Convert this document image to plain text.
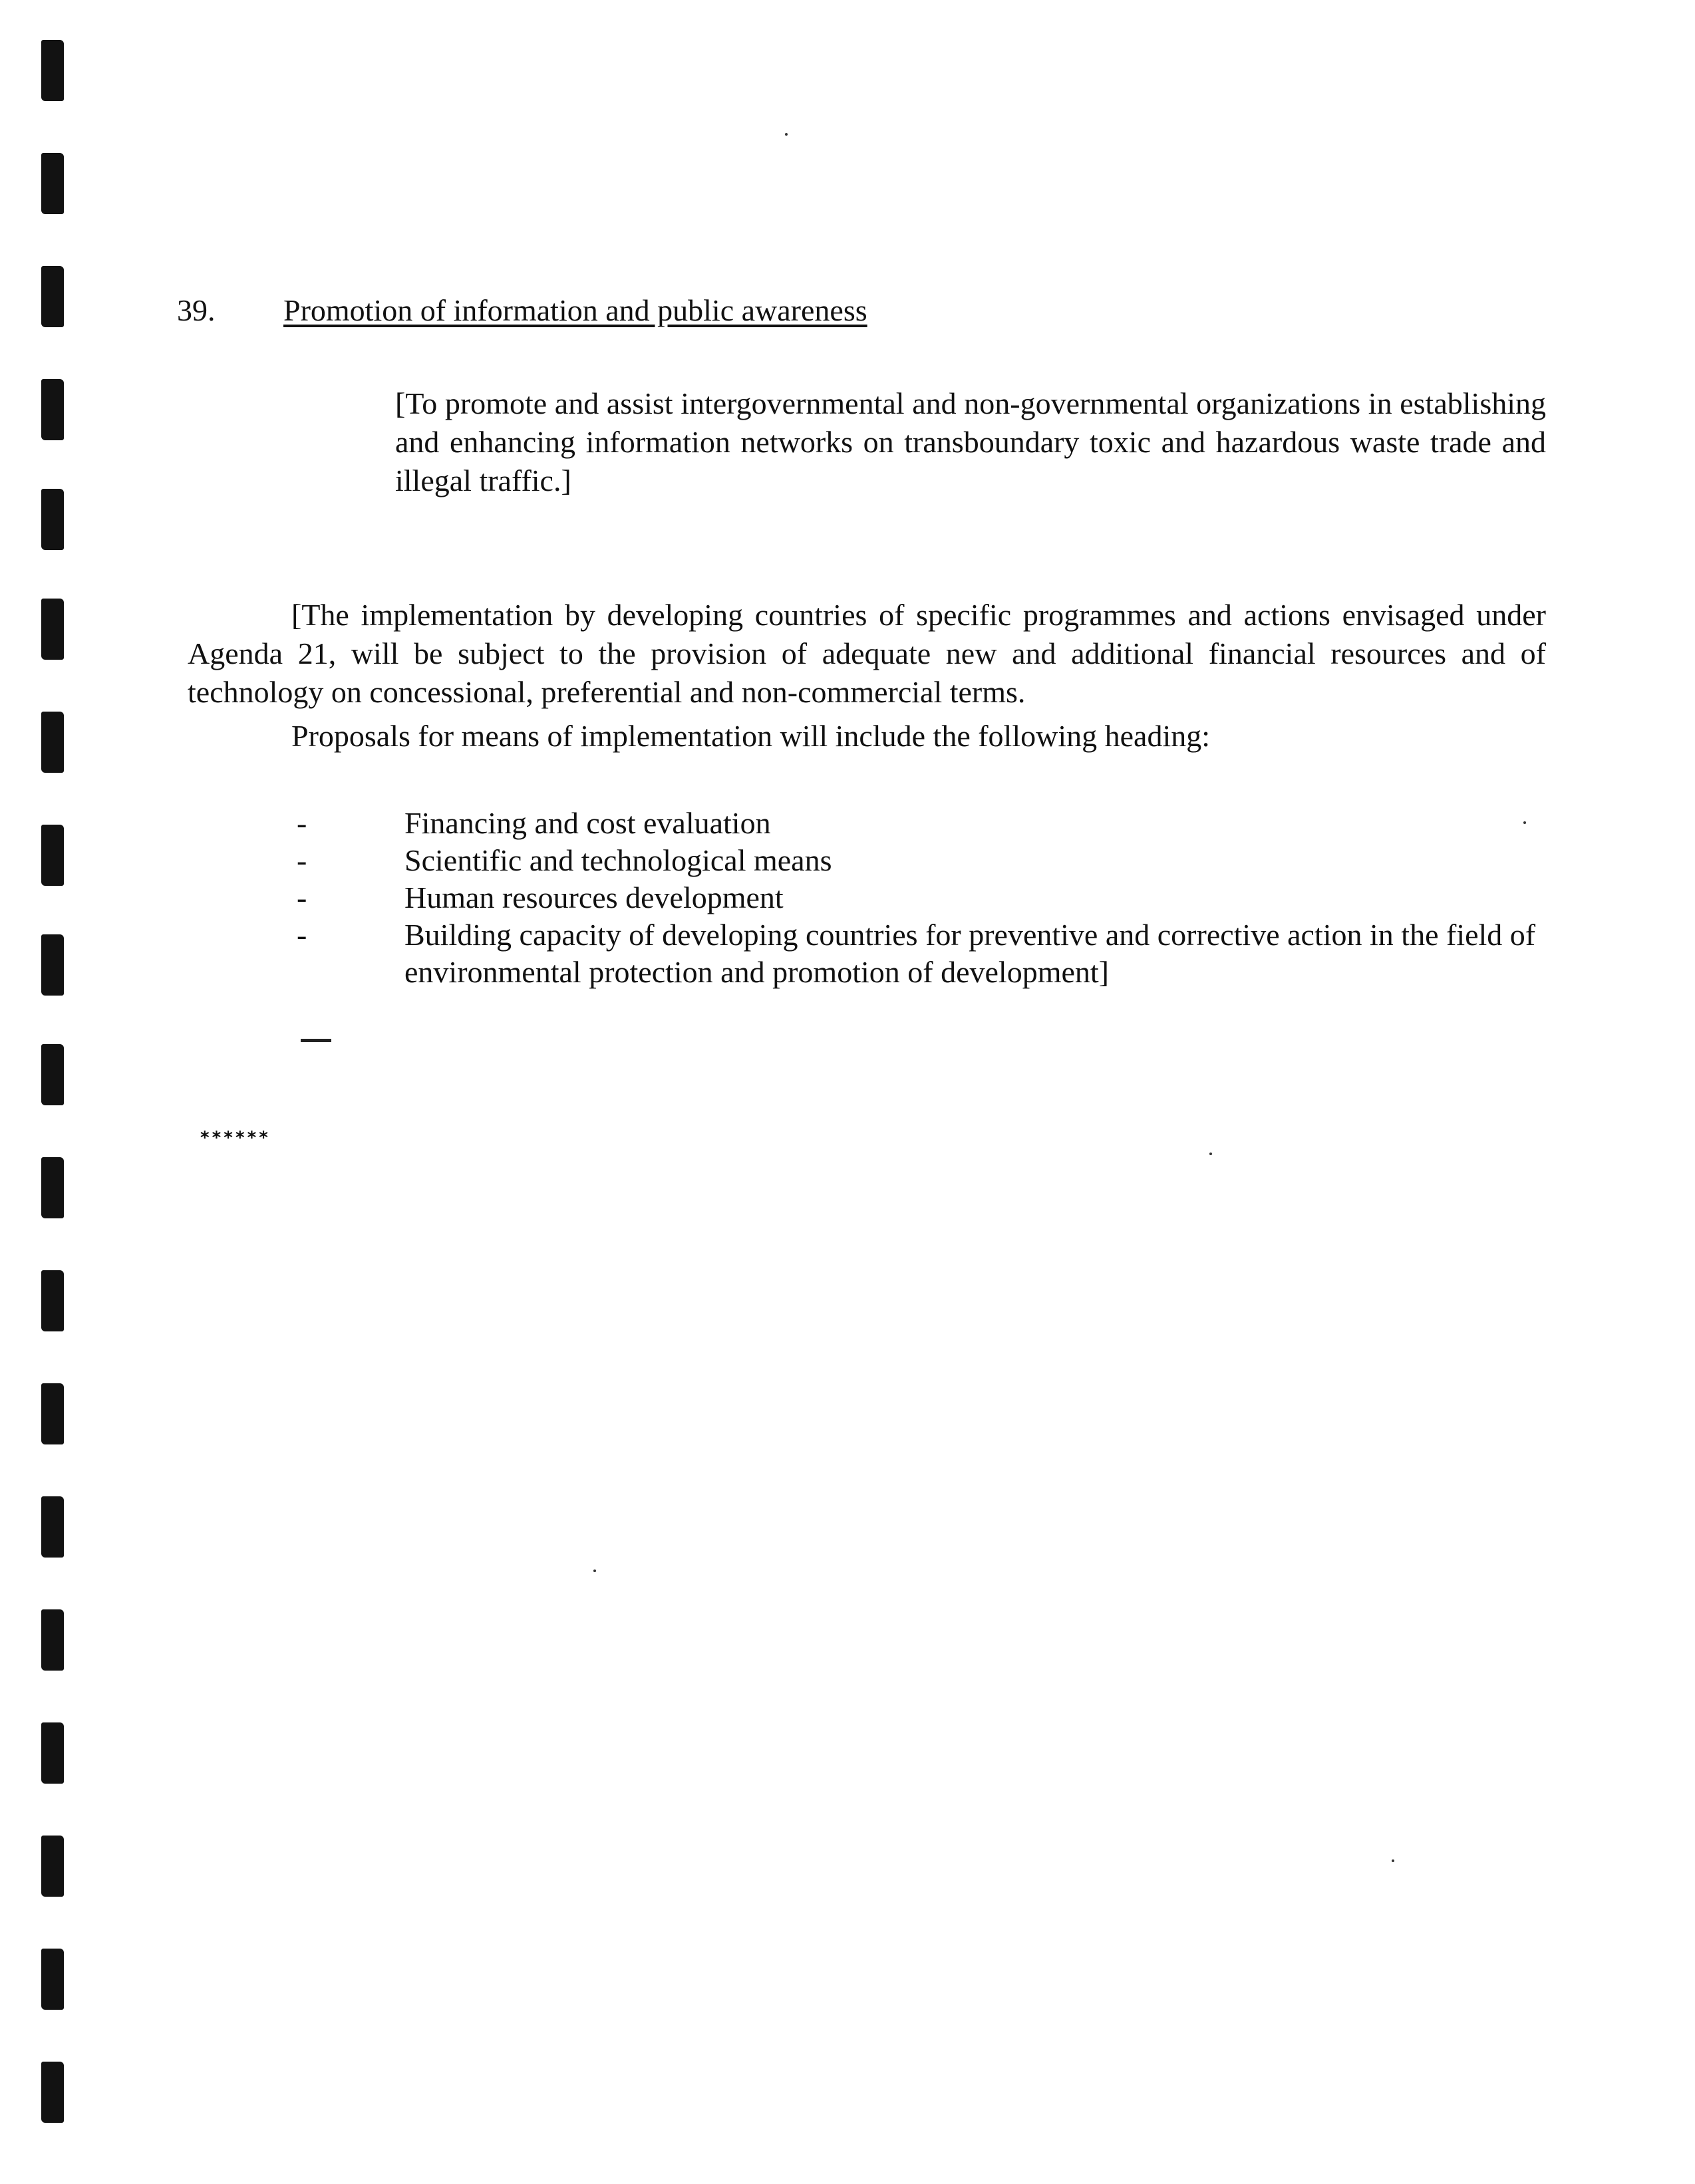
39. Promotion of information and public awareness

[To promote and assist intergovernmental and non-governmental organizations in establishing and enhancing information networks on transboundary toxic and hazardous waste trade and illegal traffic.]

[The implementation by developing countries of specific programmes and actions envisaged under Agenda 21, will be subject to the provision of adequate new and additional financial resources and of technology on concessional, preferential and non-commercial terms.

Proposals for means of implementation will include the following heading:
-	Financing and cost evaluation
-	Scientific and technological means
-	Human resources development
-	Building capacity of developing countries for preventive and corrective action in the field of environmental protection and promotion of development]
******
